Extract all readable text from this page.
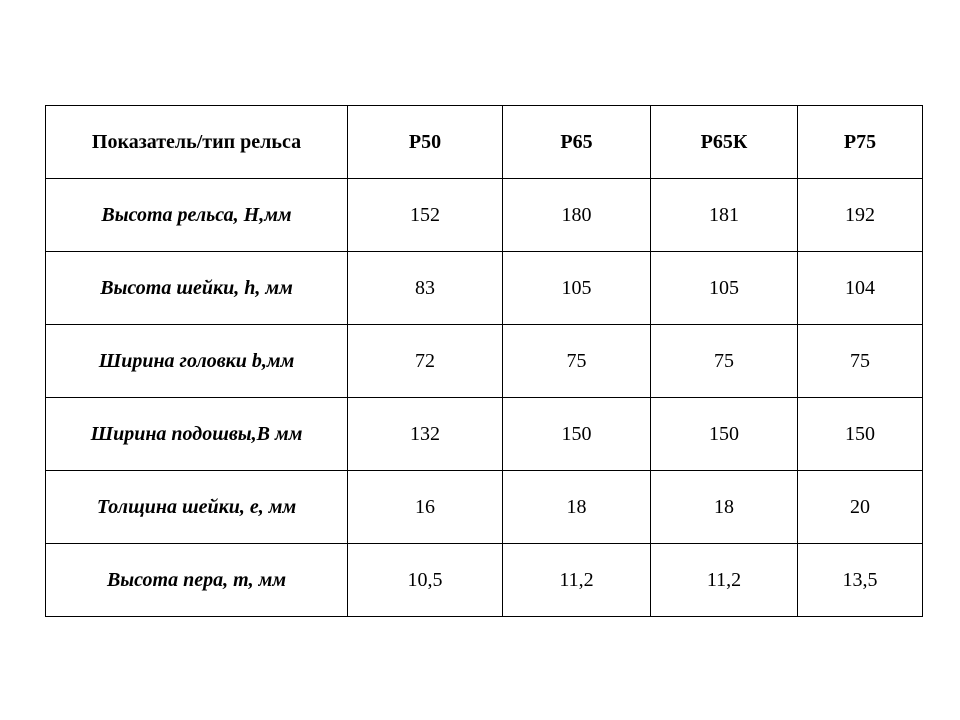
Показатель/тип рельса	Р50	Р65	Р65К	Р75
Высота рельса, H,мм	152	180	181	192
Высота шейки, h, мм	83	105	105	104
Ширина головки b,мм	72	75	75	75
Ширина подошвы,B мм	132	150	150	150
Толщина шейки, e, мм	16	18	18	20
Высота пера, m, мм	10,5	11,2	11,2	13,5
